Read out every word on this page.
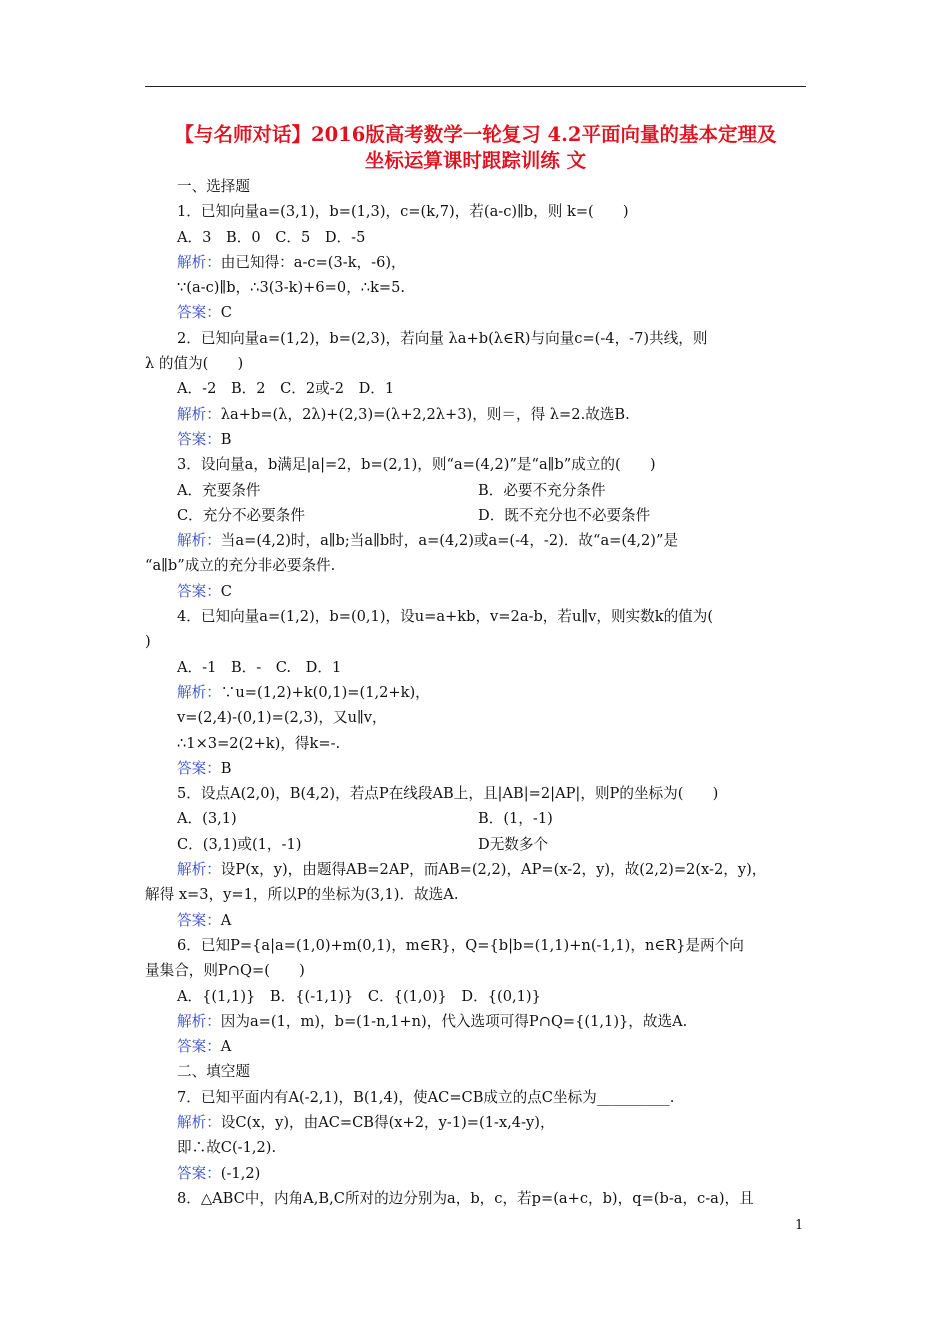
【与名师对话】2016版高考数学一轮复习 4.2平面向量的基本定理及
坐标运算课时跟踪训练 文
一、选择题
1．已知向量a=(3,1)，b=(1,3)，c=(k,7)，若(a-c)∥b，则 k=(　　)
A．3　B．0　C．5　D．-5
解析：由已知得：a-c=(3-k，-6)，
∵(a-c)∥b，∴3(3-k)+6=0，∴k=5.
答案：C
2．已知向量a=(1,2)，b=(2,3)，若向量 λa+b(λ∈R)与向量c=(-4，-7)共线，则
λ 的值为(　　)
A．-2　B．2　C．2或-2　D．1
解析：λa+b=(λ，2λ)+(2,3)=(λ+2,2λ+3)，则＝，得 λ=2.故选B.
答案：B
3．设向量a，b满足|a|=2，b=(2,1)，则“a=(4,2)”是“a∥b”成立的(　　)
A．充要条件	B．必要不充分条件
C．充分不必要条件	D．既不充分也不必要条件
解析：当a=(4,2)时，a∥b;当a∥b时，a=(4,2)或a=(-4，-2)．故“a=(4,2)”是
“a∥b”成立的充分非必要条件.
答案：C
4．已知向量a=(1,2)，b=(0,1)，设u=a+kb，v=2a-b，若u∥v，则实数k的值为(
)
A．-1　B．-　C.　D．1
解析：∵u=(1,2)+k(0,1)=(1,2+k)，
v=(2,4)-(0,1)=(2,3)，又u∥v，
∴1×3=2(2+k)，得k=-.
答案：B
5．设点A(2,0)，B(4,2)，若点P在线段AB上，且|AB|=2|AP|，则P的坐标为(　　)
A．(3,1)	B．(1，-1)
C．(3,1)或(1，-1)	D无数多个
解析：设P(x，y)，由题得AB=2AP，而AB=(2,2)，AP=(x-2，y)，故(2,2)=2(x-2，y)，
解得 x=3，y=1，所以P的坐标为(3,1)．故选A.
答案：A
6．已知P={a|a=(1,0)+m(0,1)，m∈R}，Q={b|b=(1,1)+n(-1,1)，n∈R}是两个向
量集合，则P∩Q=(　　)
A．{(1,1)}　B．{(-1,1)}　C．{(1,0)}　D．{(0,1)}
解析：因为a=(1，m)，b=(1-n,1+n)，代入选项可得P∩Q={(1,1)}，故选A.
答案：A
二、填空题
7．已知平面内有A(-2,1)，B(1,4)，使AC=CB成立的点C坐标为__________.
解析：设C(x，y)，由AC=CB得(x+2，y-1)=(1-x,4-y)，
即∴故C(-1,2).
答案：(-1,2)
8．△ABC中，内角A,B,C所对的边分别为a，b，c，若p=(a+c，b)，q=(b-a，c-a)，且
1
